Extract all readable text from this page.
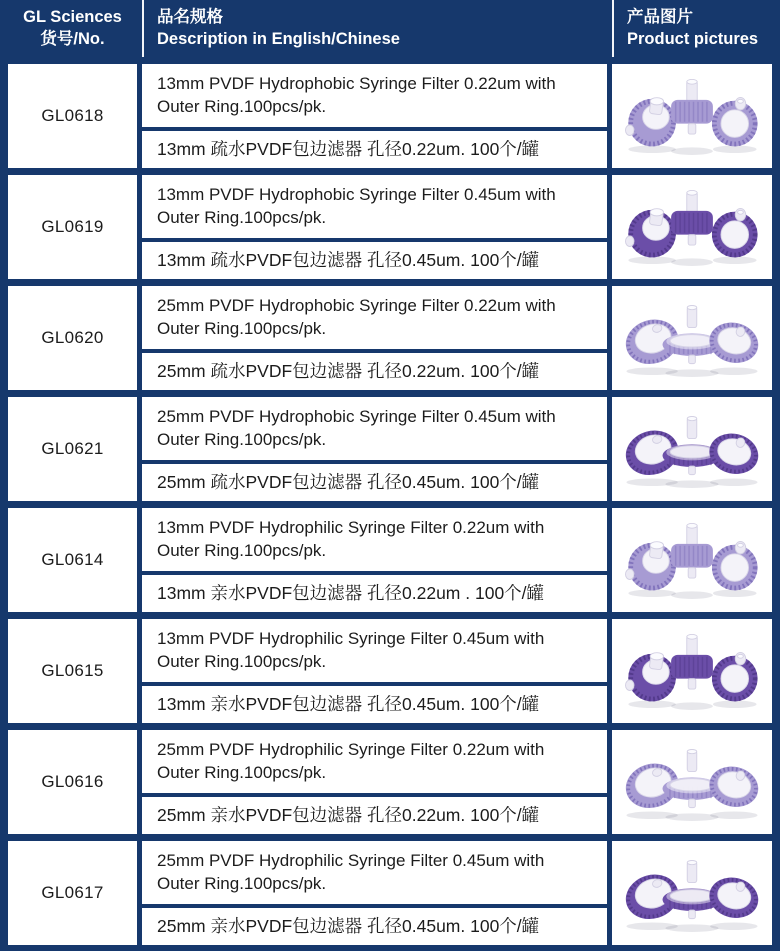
GL Sciences
货号/No.
品名规格
Description in English/Chinese
产品图片
Product pictures
GL0618
13mm PVDF Hydrophobic Syringe Filter 0.22um with Outer Ring.100pcs/pk.
13mm 疏水PVDF包边滤器 孔径0.22um. 100个/罐
GL0619
13mm PVDF Hydrophobic Syringe Filter 0.45um with Outer Ring.100pcs/pk.
13mm 疏水PVDF包边滤器 孔径0.45um. 100个/罐
GL0620
25mm PVDF Hydrophobic Syringe Filter 0.22um with Outer Ring.100pcs/pk.
25mm 疏水PVDF包边滤器 孔径0.22um. 100个/罐
GL0621
25mm PVDF Hydrophobic Syringe Filter 0.45um with Outer Ring.100pcs/pk.
25mm 疏水PVDF包边滤器 孔径0.45um. 100个/罐
GL0614
13mm PVDF Hydrophilic Syringe Filter 0.22um with Outer Ring.100pcs/pk.
13mm 亲水PVDF包边滤器 孔径0.22um . 100个/罐
GL0615
13mm PVDF Hydrophilic Syringe Filter 0.45um with Outer Ring.100pcs/pk.
13mm 亲水PVDF包边滤器 孔径0.45um. 100个/罐
GL0616
25mm PVDF Hydrophilic Syringe Filter 0.22um with Outer Ring.100pcs/pk.
25mm 亲水PVDF包边滤器 孔径0.22um. 100个/罐
GL0617
25mm PVDF Hydrophilic Syringe Filter 0.45um with Outer Ring.100pcs/pk.
25mm 亲水PVDF包边滤器 孔径0.45um. 100个/罐
